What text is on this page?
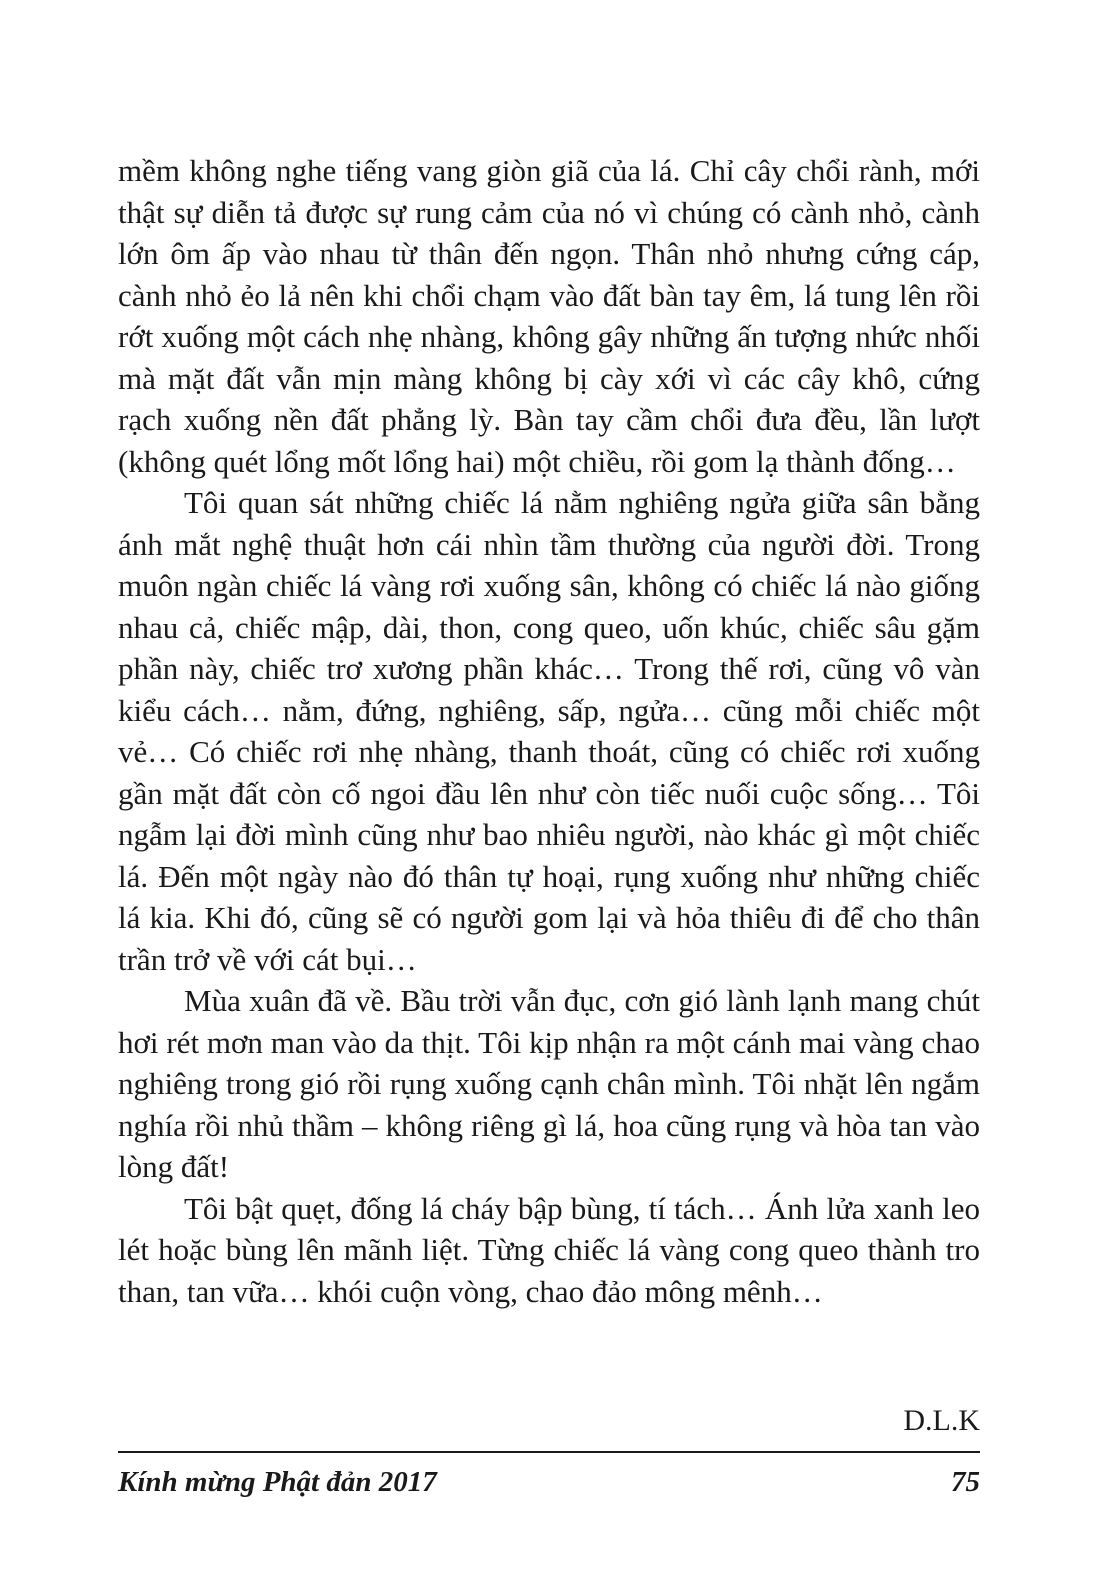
mềm không nghe tiếng vang giòn giã của lá. Chỉ cây chổi rành, mới thật sự diễn tả được sự rung cảm của nó vì chúng có cành nhỏ, cành lớn ôm ấp vào nhau từ thân đến ngọn. Thân nhỏ nhưng cứng cáp, cành nhỏ ẻo lả nên khi chổi chạm vào đất bàn tay êm, lá tung lên rồi rớt xuống một cách nhẹ nhàng, không gây những ấn tượng nhức nhối mà mặt đất vẫn mịn màng không bị cày xới vì các cây khô, cứng rạch xuống nền đất phẳng lỳ. Bàn tay cầm chổi đưa đều, lần lượt (không quét lổng mốt lổng hai) một chiều, rồi gom lạ thành đống…

Tôi quan sát những chiếc lá nằm nghiêng ngửa giữa sân bằng ánh mắt nghệ thuật hơn cái nhìn tầm thường của người đời. Trong muôn ngàn chiếc lá vàng rơi xuống sân, không có chiếc lá nào giống nhau cả, chiếc mập, dài, thon, cong queo, uốn khúc, chiếc sâu gặm phần này, chiếc trơ xương phần khác… Trong thế rơi, cũng vô vàn kiểu cách… nằm, đứng, nghiêng, sấp, ngửa… cũng mỗi chiếc một vẻ… Có chiếc rơi nhẹ nhàng, thanh thoát, cũng có chiếc rơi xuống gần mặt đất còn cố ngoi đầu lên như còn tiếc nuối cuộc sống… Tôi ngẫm lại đời mình cũng như bao nhiêu người, nào khác gì một chiếc lá. Đến một ngày nào đó thân tự hoại, rụng xuống như những chiếc lá kia. Khi đó, cũng sẽ có người gom lại và hỏa thiêu đi để cho thân trần trở về với cát bụi…

Mùa xuân đã về. Bầu trời vẫn đục, cơn gió lành lạnh mang chút hơi rét mơn man vào da thịt. Tôi kịp nhận ra một cánh mai vàng chao nghiêng trong gió rồi rụng xuống cạnh chân mình. Tôi nhặt lên ngắm nghía rồi nhủ thầm – không riêng gì lá, hoa cũng rụng và hòa tan vào lòng đất!

Tôi bật quẹt, đống lá cháy bập bùng, tí tách… Ánh lửa xanh leo lét hoặc bùng lên mãnh liệt. Từng chiếc lá vàng cong queo thành tro than, tan vữa… khói cuộn vòng, chao đảo mông mênh…

D.L.K
Kính mừng Phật đản 2017	75
